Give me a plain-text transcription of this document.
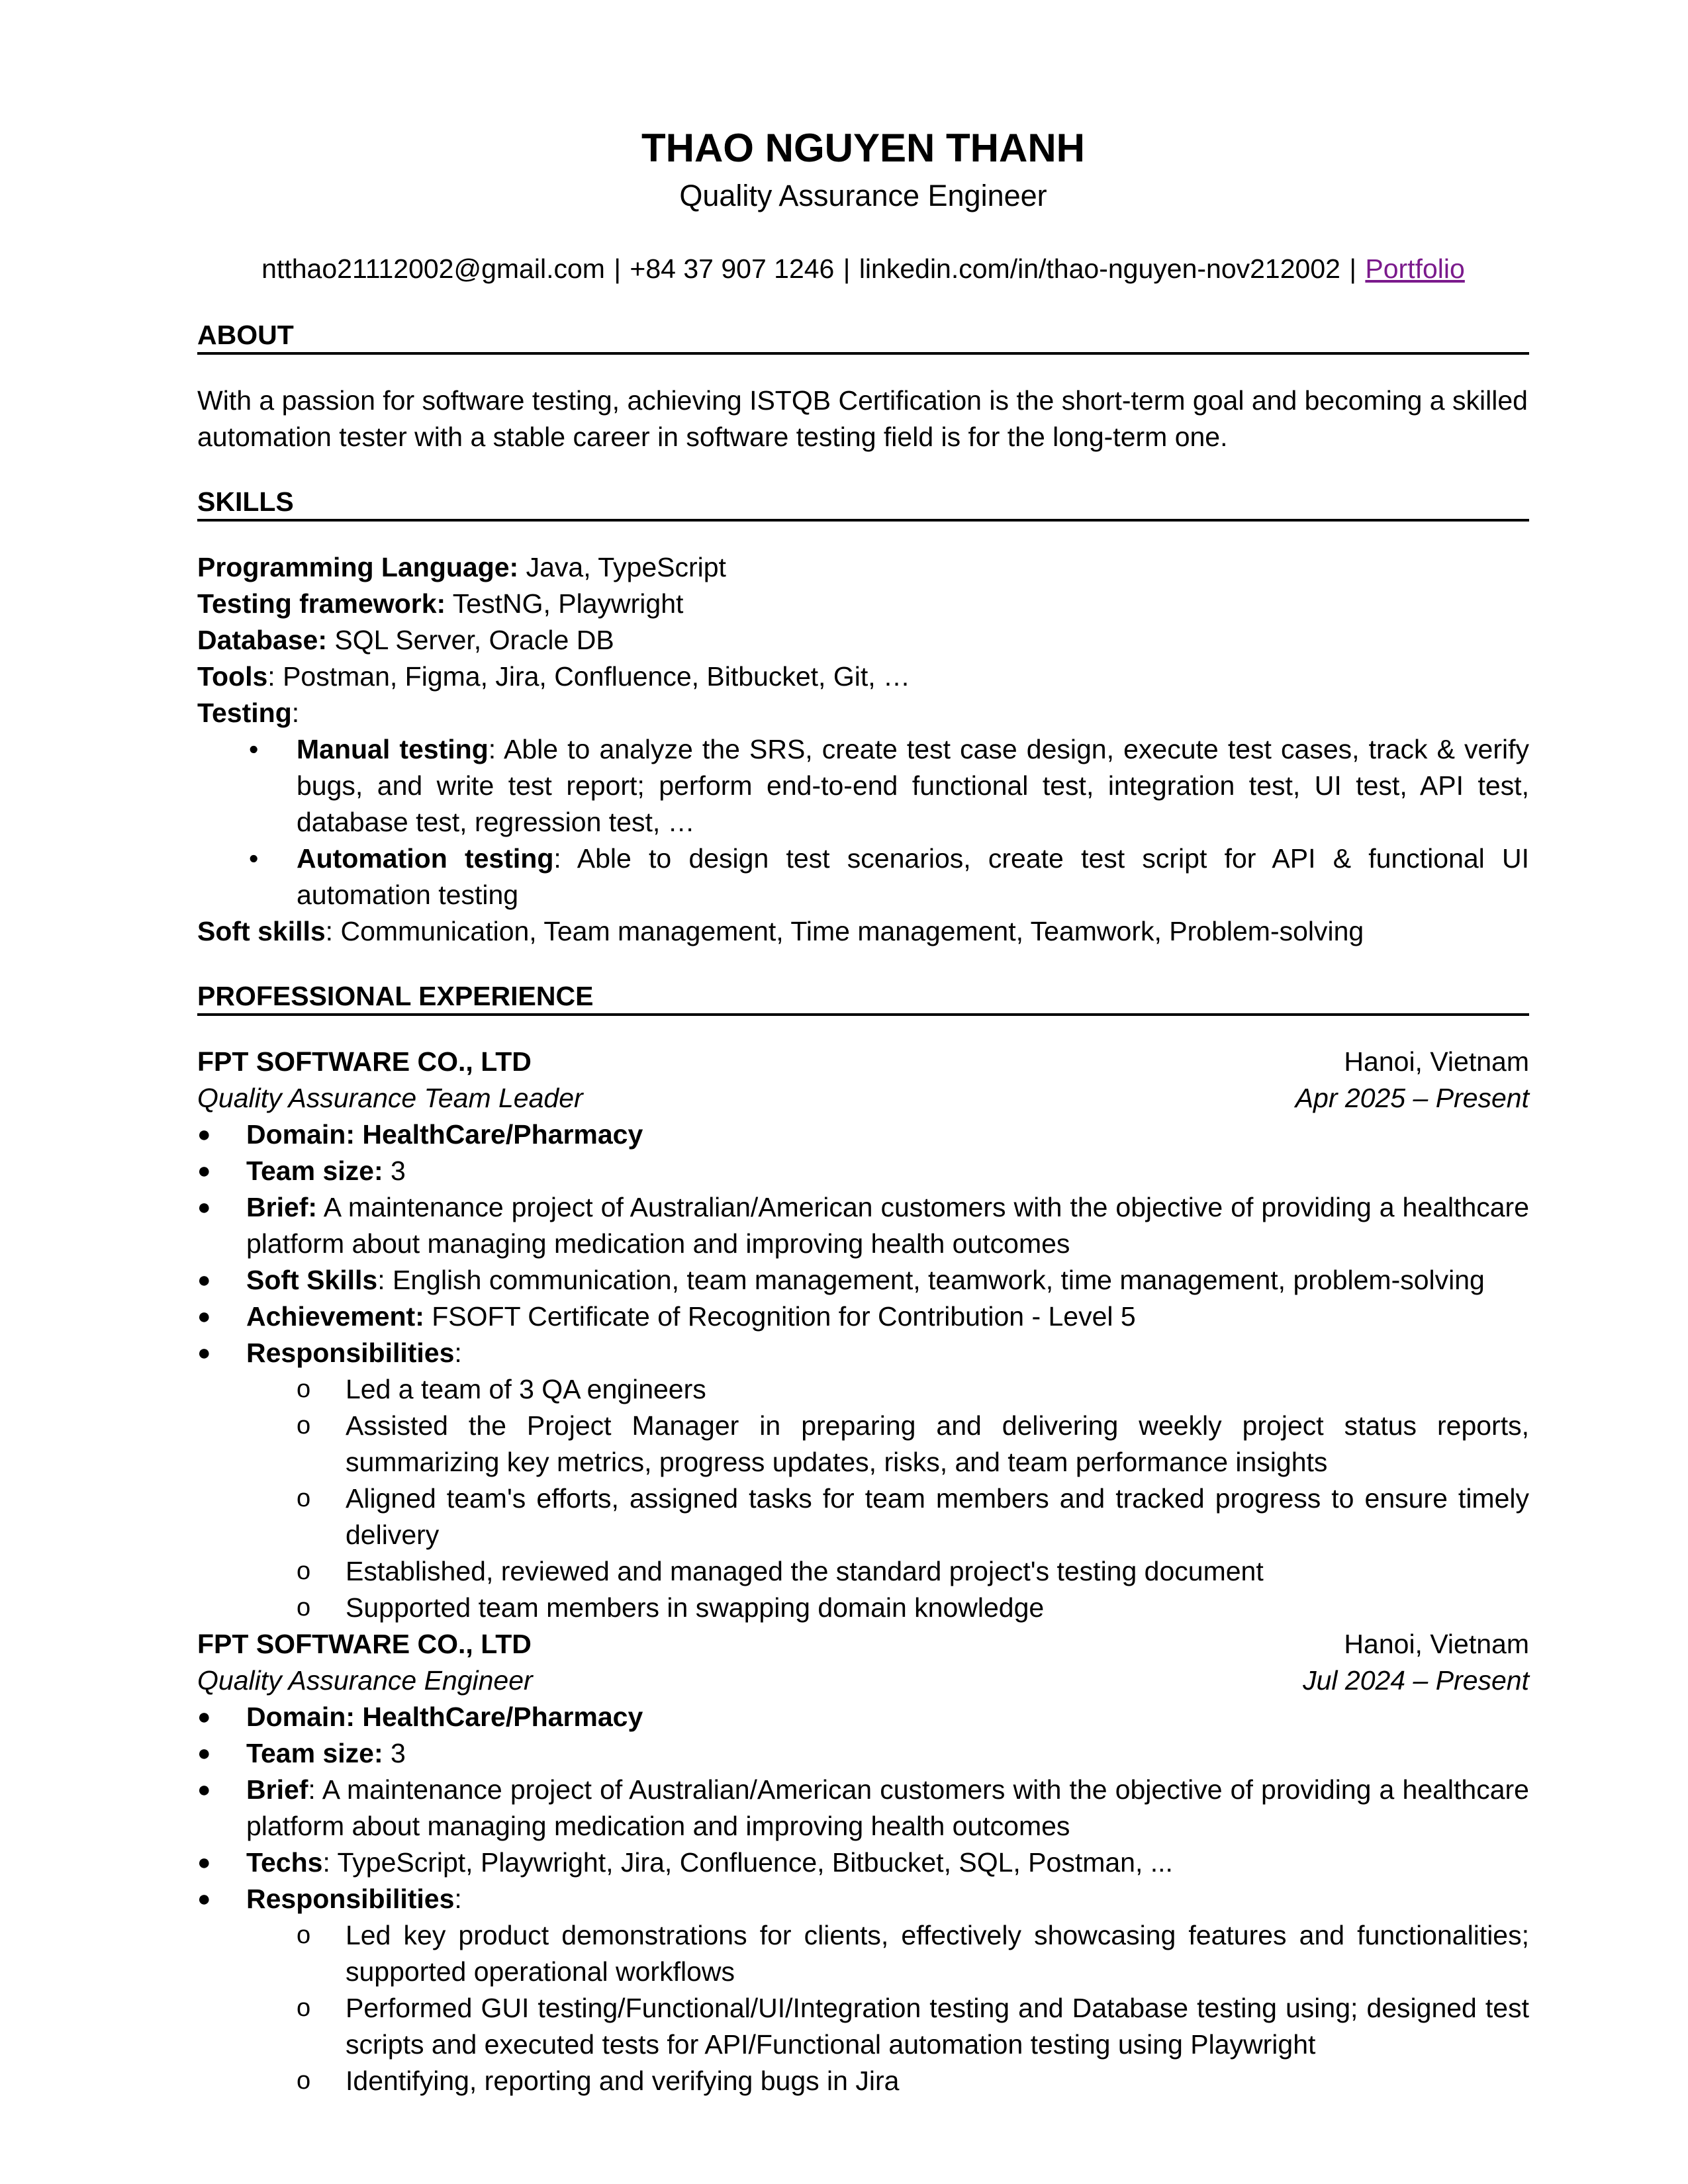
THAO NGUYEN THANH
Quality Assurance Engineer
ntthao21112002@gmail.com | +84 37 907 1246 | linkedin.com/in/thao-nguyen-nov212002 | Portfolio
ABOUT
With a passion for software testing, achieving ISTQB Certification is the short-term goal and becoming a skilled automation tester with a stable career in software testing field is for the long-term one.
SKILLS
Programming Language: Java, TypeScript
Testing framework: TestNG, Playwright
Database: SQL Server, Oracle DB
Tools: Postman, Figma, Jira, Confluence, Bitbucket, Git, …
Testing:
• Manual testing: Able to analyze the SRS, create test case design, execute test cases, track & verify bugs, and write test report; perform end-to-end functional test, integration test, UI test, API test, database test, regression test, …
• Automation testing: Able to design test scenarios, create test script for API & functional UI automation testing
Soft skills: Communication, Team management, Time management, Teamwork, Problem-solving
PROFESSIONAL EXPERIENCE
FPT SOFTWARE CO., LTD	Hanoi, Vietnam
Quality Assurance Team Leader	Apr 2025 – Present
● Domain: HealthCare/Pharmacy
● Team size: 3
● Brief: A maintenance project of Australian/American customers with the objective of providing a healthcare platform about managing medication and improving health outcomes
● Soft Skills: English communication, team management, teamwork, time management, problem-solving
● Achievement: FSOFT Certificate of Recognition for Contribution - Level 5
● Responsibilities:
o Led a team of 3 QA engineers
o Assisted the Project Manager in preparing and delivering weekly project status reports, summarizing key metrics, progress updates, risks, and team performance insights
o Aligned team's efforts, assigned tasks for team members and tracked progress to ensure timely delivery
o Established, reviewed and managed the standard project's testing document
o Supported team members in swapping domain knowledge
FPT SOFTWARE CO., LTD	Hanoi, Vietnam
Quality Assurance Engineer	Jul 2024 – Present
● Domain: HealthCare/Pharmacy
● Team size: 3
● Brief: A maintenance project of Australian/American customers with the objective of providing a healthcare platform about managing medication and improving health outcomes
● Techs: TypeScript, Playwright, Jira, Confluence, Bitbucket, SQL, Postman, ...
● Responsibilities:
o Led key product demonstrations for clients, effectively showcasing features and functionalities; supported operational workflows
o Performed GUI testing/Functional/UI/Integration testing and Database testing using; designed test scripts and executed tests for API/Functional automation testing using Playwright
o Identifying, reporting and verifying bugs in Jira
